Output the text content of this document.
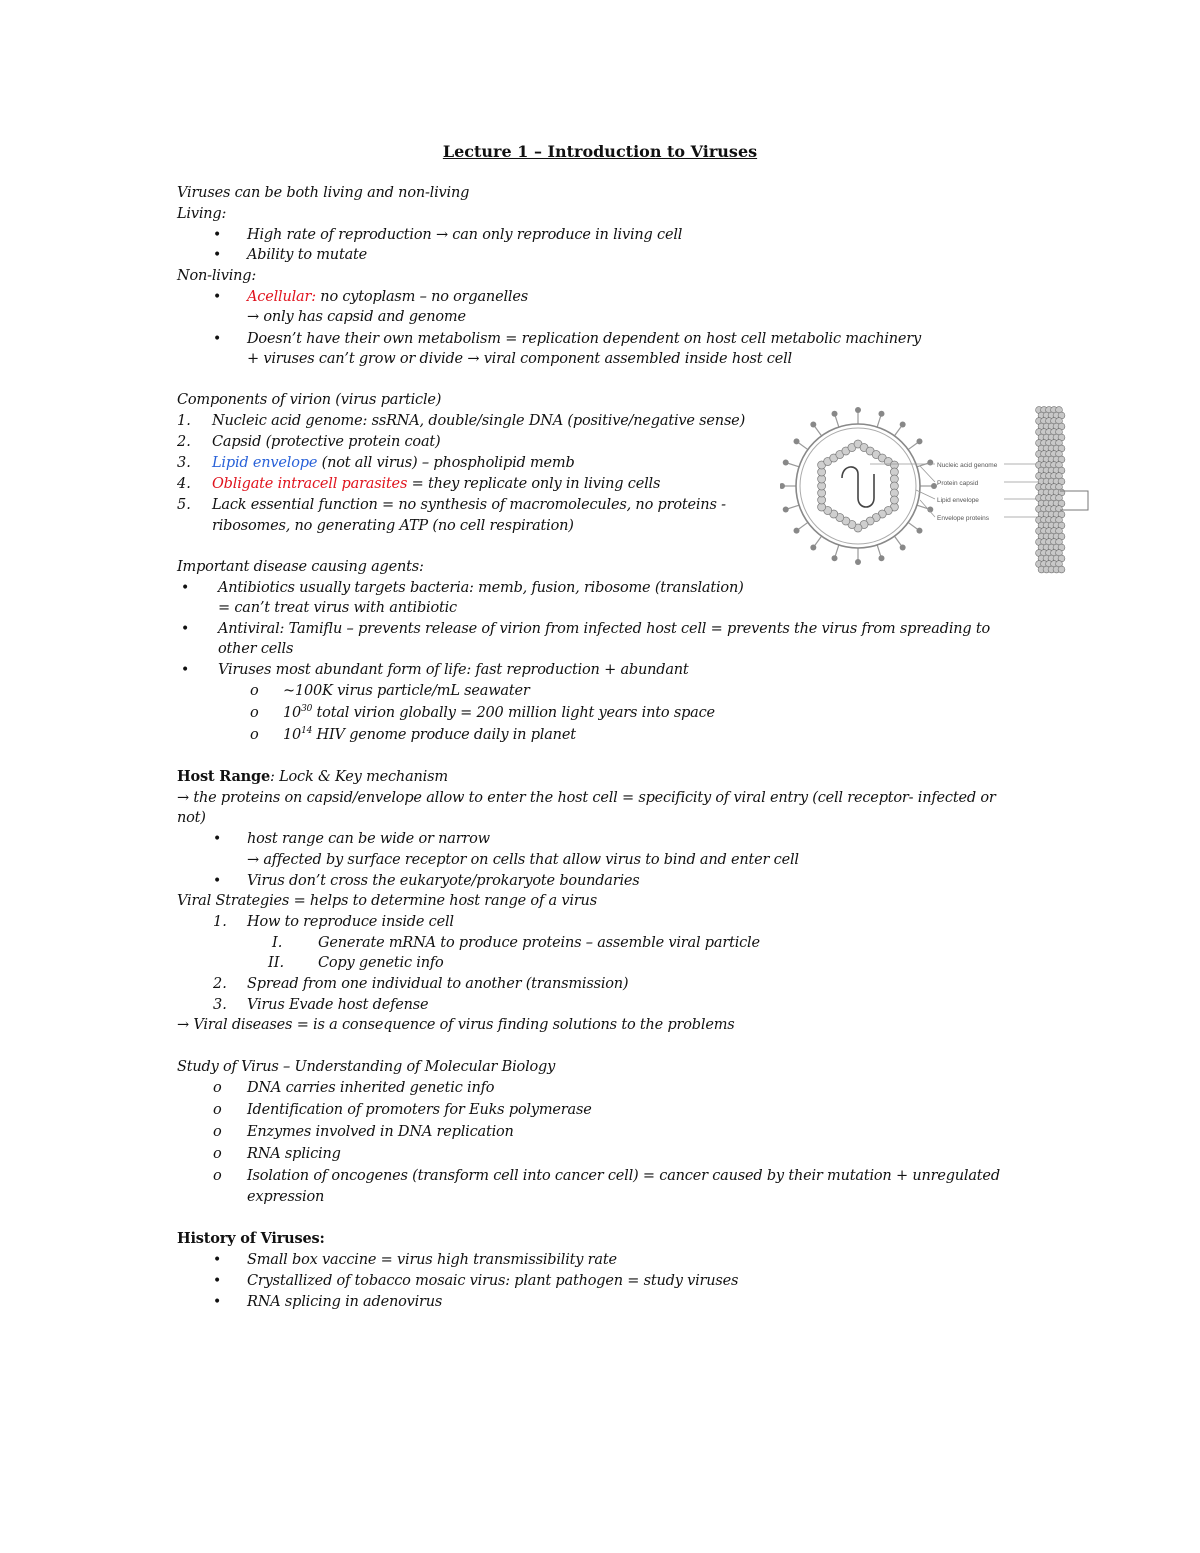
Lecture 1 – Introduction to Viruses
Viruses can be both living and non-living
Living:
• High rate of reproduction → can only reproduce in living cell
• Ability to mutate
Non-living:
• Acellular: no cytoplasm – no organelles
→ only has capsid and genome
• Doesn’t have their own metabolism = replication dependent on host cell metabolic machinery
+ viruses can’t grow or divide → viral component assembled inside host cell
Components of virion (virus particle)
1. Nucleic acid genome: ssRNA, double/single DNA (positive/negative sense)
2. Capsid (protective protein coat)
3. Lipid envelope (not all virus) – phospholipid memb
4. Obligate intracell parasites = they replicate only in living cells
5. Lack essential function = no synthesis of macromolecules, no proteins -
ribosomes, no generating ATP (no cell respiration)
Nucleic acid genome
Protein capsid
Lipid envelope
Envelope proteins
Important disease causing agents:
• Antibiotics usually targets bacteria: memb, fusion, ribosome (translation)
= can’t treat virus with antibiotic
• Antiviral: Tamiflu – prevents release of virion from infected host cell = prevents the virus from spreading to
other cells
• Viruses most abundant form of life: fast reproduction + abundant
o ~100K virus particle/mL seawater
o $10^{30}$ total virion globally = 200 million light years into space
o $10^{14}$ HIV genome produce daily in planet
Host Range: Lock & Key mechanism
→ the proteins on capsid/envelope allow to enter the host cell = specificity of viral entry (cell receptor- infected or
not)
• host range can be wide or narrow
→ affected by surface receptor on cells that allow virus to bind and enter cell
• Virus don’t cross the eukaryote/prokaryote boundaries
Viral Strategies = helps to determine host range of a virus
1. How to reproduce inside cell
I. Generate mRNA to produce proteins – assemble viral particle
II. Copy genetic info
2. Spread from one individual to another (transmission)
3. Virus Evade host defense
→ Viral diseases = is a consequence of virus finding solutions to the problems
Study of Virus – Understanding of Molecular Biology
o DNA carries inherited genetic info
o Identification of promoters for Euks polymerase
o Enzymes involved in DNA replication
o RNA splicing
o Isolation of oncogenes (transform cell into cancer cell) = cancer caused by their mutation + unregulated
expression
History of Viruses:
• Small box vaccine = virus high transmissibility rate
• Crystallized of tobacco mosaic virus: plant pathogen = study viruses
• RNA splicing in adenovirus
